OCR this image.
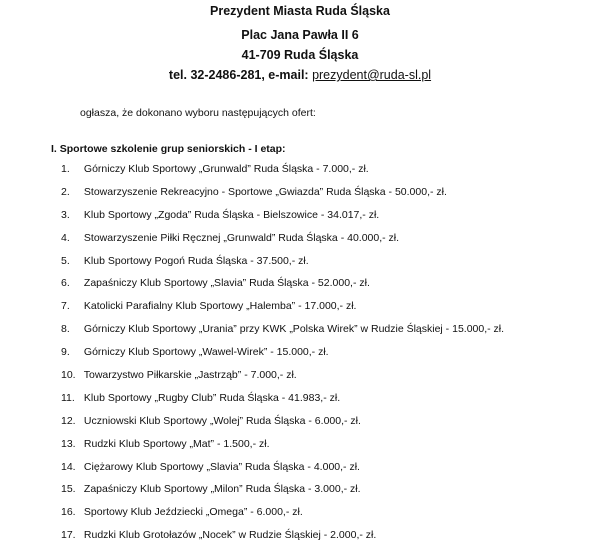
Prezydent Miasta Ruda Śląska
Plac Jana Pawła II 6
41-709 Ruda Śląska
tel. 32-2486-281, e-mail: prezydent@ruda-sl.pl
ogłasza, że dokonano wyboru następujących ofert:
I. Sportowe szkolenie grup seniorskich - I etap:
1. Górniczy Klub Sportowy „Grunwald” Ruda Śląska - 7.000,- zł.
2. Stowarzyszenie Rekreacyjno - Sportowe „Gwiazda” Ruda Śląska - 50.000,- zł.
3. Klub Sportowy „Zgoda” Ruda Śląska - Bielszowice - 34.017,- zł.
4. Stowarzyszenie Piłki Ręcznej „Grunwald” Ruda Śląska - 40.000,- zł.
5. Klub Sportowy Pogoń Ruda Śląska - 37.500,- zł.
6. Zapaśniczy Klub Sportowy „Slavia” Ruda Śląska - 52.000,- zł.
7. Katolicki Parafialny Klub Sportowy „Halemba” - 17.000,- zł.
8. Górniczy Klub Sportowy „Urania” przy KWK „Polska Wirek” w Rudzie Śląskiej - 15.000,- zł.
9. Górniczy Klub Sportowy „Wawel-Wirek” - 15.000,- zł.
10. Towarzystwo Piłkarskie „Jastrząb” - 7.000,- zł.
11. Klub Sportowy „Rugby Club” Ruda Śląska - 41.983,- zł.
12. Uczniowski Klub Sportowy „Wolej” Ruda Śląska - 6.000,- zł.
13. Rudzki Klub Sportowy „Mat” - 1.500,- zł.
14. Ciężarowy Klub Sportowy „Slavia” Ruda Śląska - 4.000,- zł.
15. Zapaśniczy Klub Sportowy „Milon” Ruda Śląska - 3.000,- zł.
16. Sportowy Klub Jeździecki „Omega” - 6.000,- zł.
17. Rudzki Klub Grotołazów „Nocek” w Rudzie Śląskiej - 2.000,- zł.
